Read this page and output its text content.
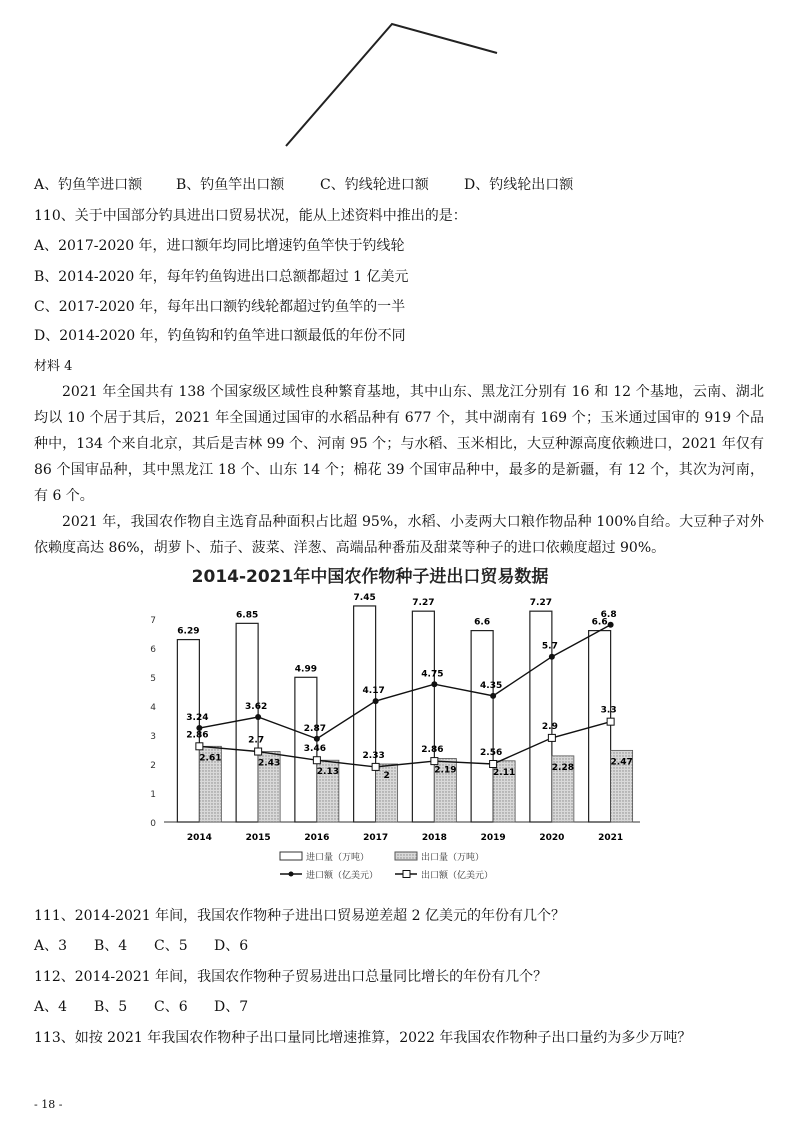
A、钓鱼竿进口额 B、钓鱼竿出口额	C、钓线轮进口额	D、钓线轮出口额
110、关于中国部分钓具进出口贸易状况，能从上述资料中推出的是：
A、2017-2020 年，进口额年均同比增速钓鱼竿快于钓线轮
B、2014-2020 年，每年钓鱼钩进出口总额都超过 1 亿美元
C、2017-2020 年，每年出口额钓线轮都超过钓鱼竿的一半
D、2014-2020 年，钓鱼钩和钓鱼竿进口额最低的年份不同
材料 4
2021 年全国共有 138 个国家级区域性良种繁育基地，其中山东、黑龙江分别有 16 和 12 个基地，云南、湖北均以 10 个居于其后，2021 年全国通过国审的水稻品种有 677 个，其中湖南有 169 个；玉米通过国审的 919 个品种中，134 个来自北京，其后是吉林 99 个、河南 95 个；与水稻、玉米相比，大豆种源高度依赖进口，2021 年仅有 86 个国审品种，其中黑龙江 18 个、山东 14 个；棉花 39 个国审品种中，最多的是新疆，有 12 个，其次为河南，有 6 个。
2021 年，我国农作物自主选育品种面积占比超 95%，水稻、小麦两大口粮作物品种 100%自给。大豆种子对外依赖度高达 86%，胡萝卜、茄子、菠菜、洋葱、高端品种番茄及甜菜等种子的进口依赖度超过 90%。
2014-2021年中国农作物种子进出口贸易数据
0
1
2
3
4
5
6
7
6.29
2.61
2014
6.85
2.43
2015
4.99
2.13
2016
7.45
2
2017
7.27
2.19
2018
6.6
2.11
2019
7.27
2.28
2020
6.6
2.47
2021
3.24
3.62
2.87
4.17
4.75
4.35
5.7
6.8
2.86
2.7
3.46
2.33
2.86	2.56
2.9
3.3
进口量（万吨）	出口量（万吨）
进口额（亿美元）	出口额（亿美元）
111、2014-2021 年间，我国农作物种子进出口贸易逆差超 2 亿美元的年份有几个？
A、3 B、4 C、5 D、6
112、2014-2021 年间，我国农作物种子贸易进出口总量同比增长的年份有几个？
A、4 B、5 C、6 D、7
113、如按 2021 年我国农作物种子出口量同比增速推算，2022 年我国农作物种子出口量约为多少万吨？
- 18 -
